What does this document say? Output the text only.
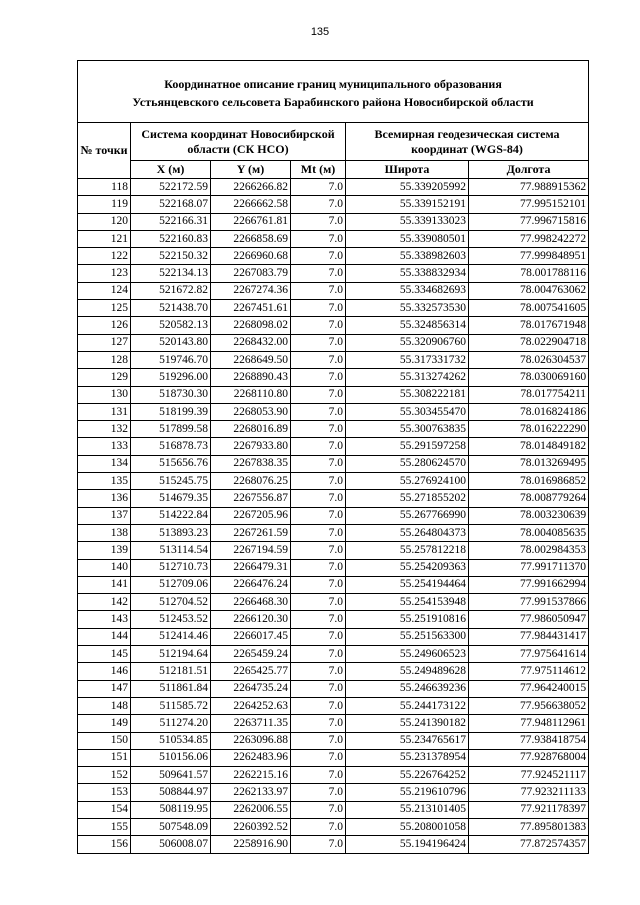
135
Координатное описание границ муниципального образования
Устьянцевского сельсовета Барабинского района Новосибирской области					

№ точки	Система координат Новосибирской области (СК НСО)			Всемирная геодезическая система координат (WGS-84)	
	X (м)	Y (м)	Mt (м)	Широта	Долгота
118	522172.59	2266266.82	7.0	55.339205992	77.988915362
119	522168.07	2266662.58	7.0	55.339152191	77.995152101
120	522166.31	2266761.81	7.0	55.339133023	77.996715816
121	522160.83	2266858.69	7.0	55.339080501	77.998242272
122	522150.32	2266960.68	7.0	55.338982603	77.999848951
123	522134.13	2267083.79	7.0	55.338832934	78.001788116
124	521672.82	2267274.36	7.0	55.334682693	78.004763062
125	521438.70	2267451.61	7.0	55.332573530	78.007541605
126	520582.13	2268098.02	7.0	55.324856314	78.017671948
127	520143.80	2268432.00	7.0	55.320906760	78.022904718
128	519746.70	2268649.50	7.0	55.317331732	78.026304537
129	519296.00	2268890.43	7.0	55.313274262	78.030069160
130	518730.30	2268110.80	7.0	55.308222181	78.017754211
131	518199.39	2268053.90	7.0	55.303455470	78.016824186
132	517899.58	2268016.89	7.0	55.300763835	78.016222290
133	516878.73	2267933.80	7.0	55.291597258	78.014849182
134	515656.76	2267838.35	7.0	55.280624570	78.013269495
135	515245.75	2268076.25	7.0	55.276924100	78.016986852
136	514679.35	2267556.87	7.0	55.271855202	78.008779264
137	514222.84	2267205.96	7.0	55.267766990	78.003230639
138	513893.23	2267261.59	7.0	55.264804373	78.004085635
139	513114.54	2267194.59	7.0	55.257812218	78.002984353
140	512710.73	2266479.31	7.0	55.254209363	77.991711370
141	512709.06	2266476.24	7.0	55.254194464	77.991662994
142	512704.52	2266468.30	7.0	55.254153948	77.991537866
143	512453.52	2266120.30	7.0	55.251910816	77.986050947
144	512414.46	2266017.45	7.0	55.251563300	77.984431417
145	512194.64	2265459.24	7.0	55.249606523	77.975641614
146	512181.51	2265425.77	7.0	55.249489628	77.975114612
147	511861.84	2264735.24	7.0	55.246639236	77.964240015
148	511585.72	2264252.63	7.0	55.244173122	77.956638052
149	511274.20	2263711.35	7.0	55.241390182	77.948112961
150	510534.85	2263096.88	7.0	55.234765617	77.938418754
151	510156.06	2262483.96	7.0	55.231378954	77.928768004
152	509641.57	2262215.16	7.0	55.226764252	77.924521117
153	508844.97	2262133.97	7.0	55.219610796	77.923211133
154	508119.95	2262006.55	7.0	55.213101405	77.921178397
155	507548.09	2260392.52	7.0	55.208001058	77.895801383
156	506008.07	2258916.90	7.0	55.194196424	77.872574357
